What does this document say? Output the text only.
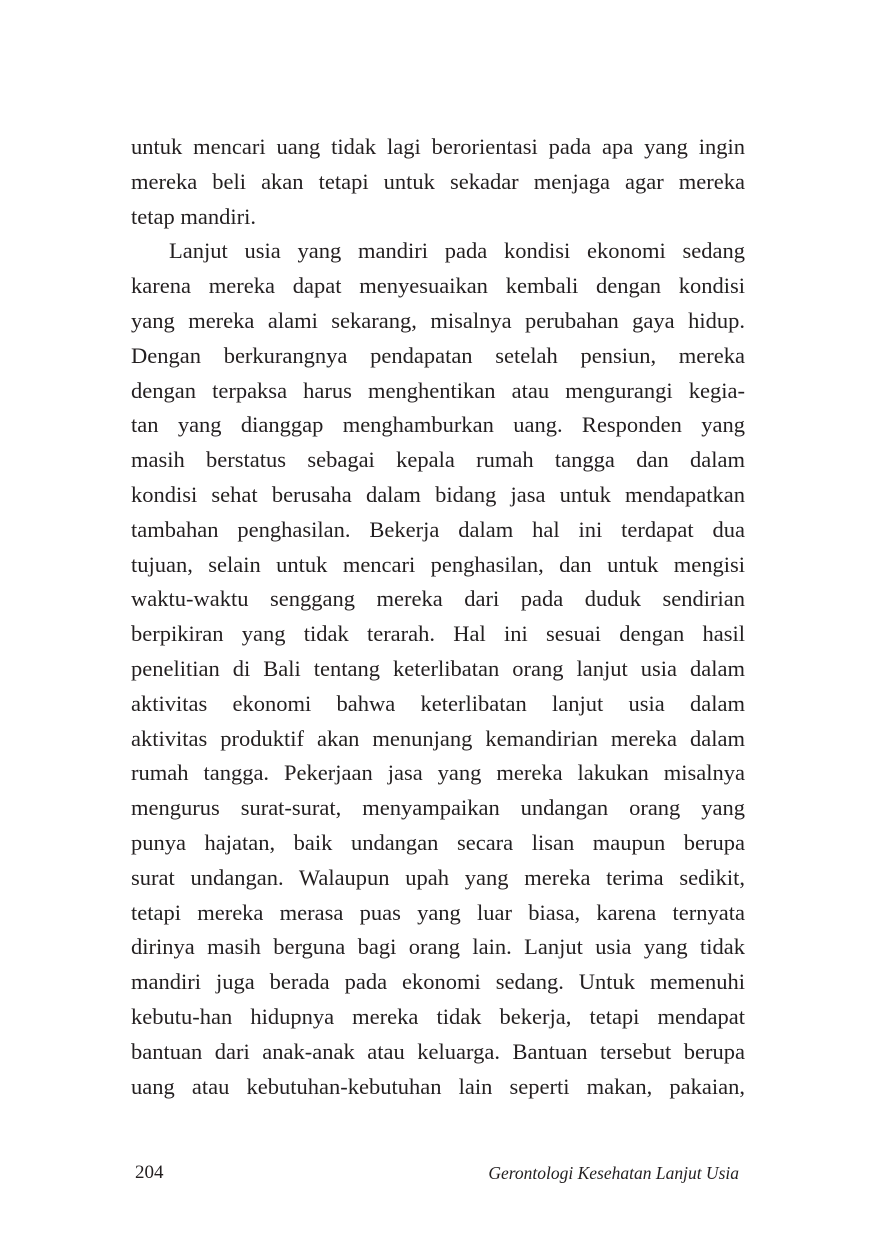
untuk mencari uang tidak lagi berorientasi pada apa yang ingin
mereka beli akan tetapi untuk sekadar menjaga agar mereka
tetap mandiri.
Lanjut usia yang mandiri pada kondisi ekonomi sedang
karena mereka dapat menyesuaikan kembali dengan kondisi
yang mereka alami sekarang, misalnya perubahan gaya hidup.
Dengan berkurangnya pendapatan setelah pensiun, mereka
dengan terpaksa harus menghentikan atau mengurangi kegia-
tan yang dianggap menghamburkan uang. Responden yang
masih berstatus sebagai kepala rumah tangga dan dalam
kondisi sehat berusaha dalam bidang jasa untuk mendapatkan
tambahan penghasilan. Bekerja dalam hal ini terdapat dua
tujuan, selain untuk mencari penghasilan, dan untuk mengisi
waktu-waktu senggang mereka dari pada duduk sendirian
berpikiran yang tidak terarah. Hal ini sesuai dengan hasil
penelitian di Bali tentang keterlibatan orang lanjut usia dalam
aktivitas ekonomi bahwa keterlibatan lanjut usia dalam
aktivitas produktif akan menunjang kemandirian mereka dalam
rumah tangga. Pekerjaan jasa yang mereka lakukan misalnya
mengurus surat-surat, menyampaikan undangan orang yang
punya hajatan, baik undangan secara lisan maupun berupa
surat undangan. Walaupun upah yang mereka terima sedikit,
tetapi mereka merasa puas yang luar biasa, karena ternyata
dirinya masih berguna bagi orang lain. Lanjut usia yang tidak
mandiri juga berada pada ekonomi sedang. Untuk memenuhi
kebutu-han hidupnya mereka tidak bekerja, tetapi mendapat
bantuan dari anak-anak atau keluarga. Bantuan tersebut berupa
uang atau kebutuhan-kebutuhan lain seperti makan, pakaian,
204	Gerontologi Kesehatan Lanjut Usia
